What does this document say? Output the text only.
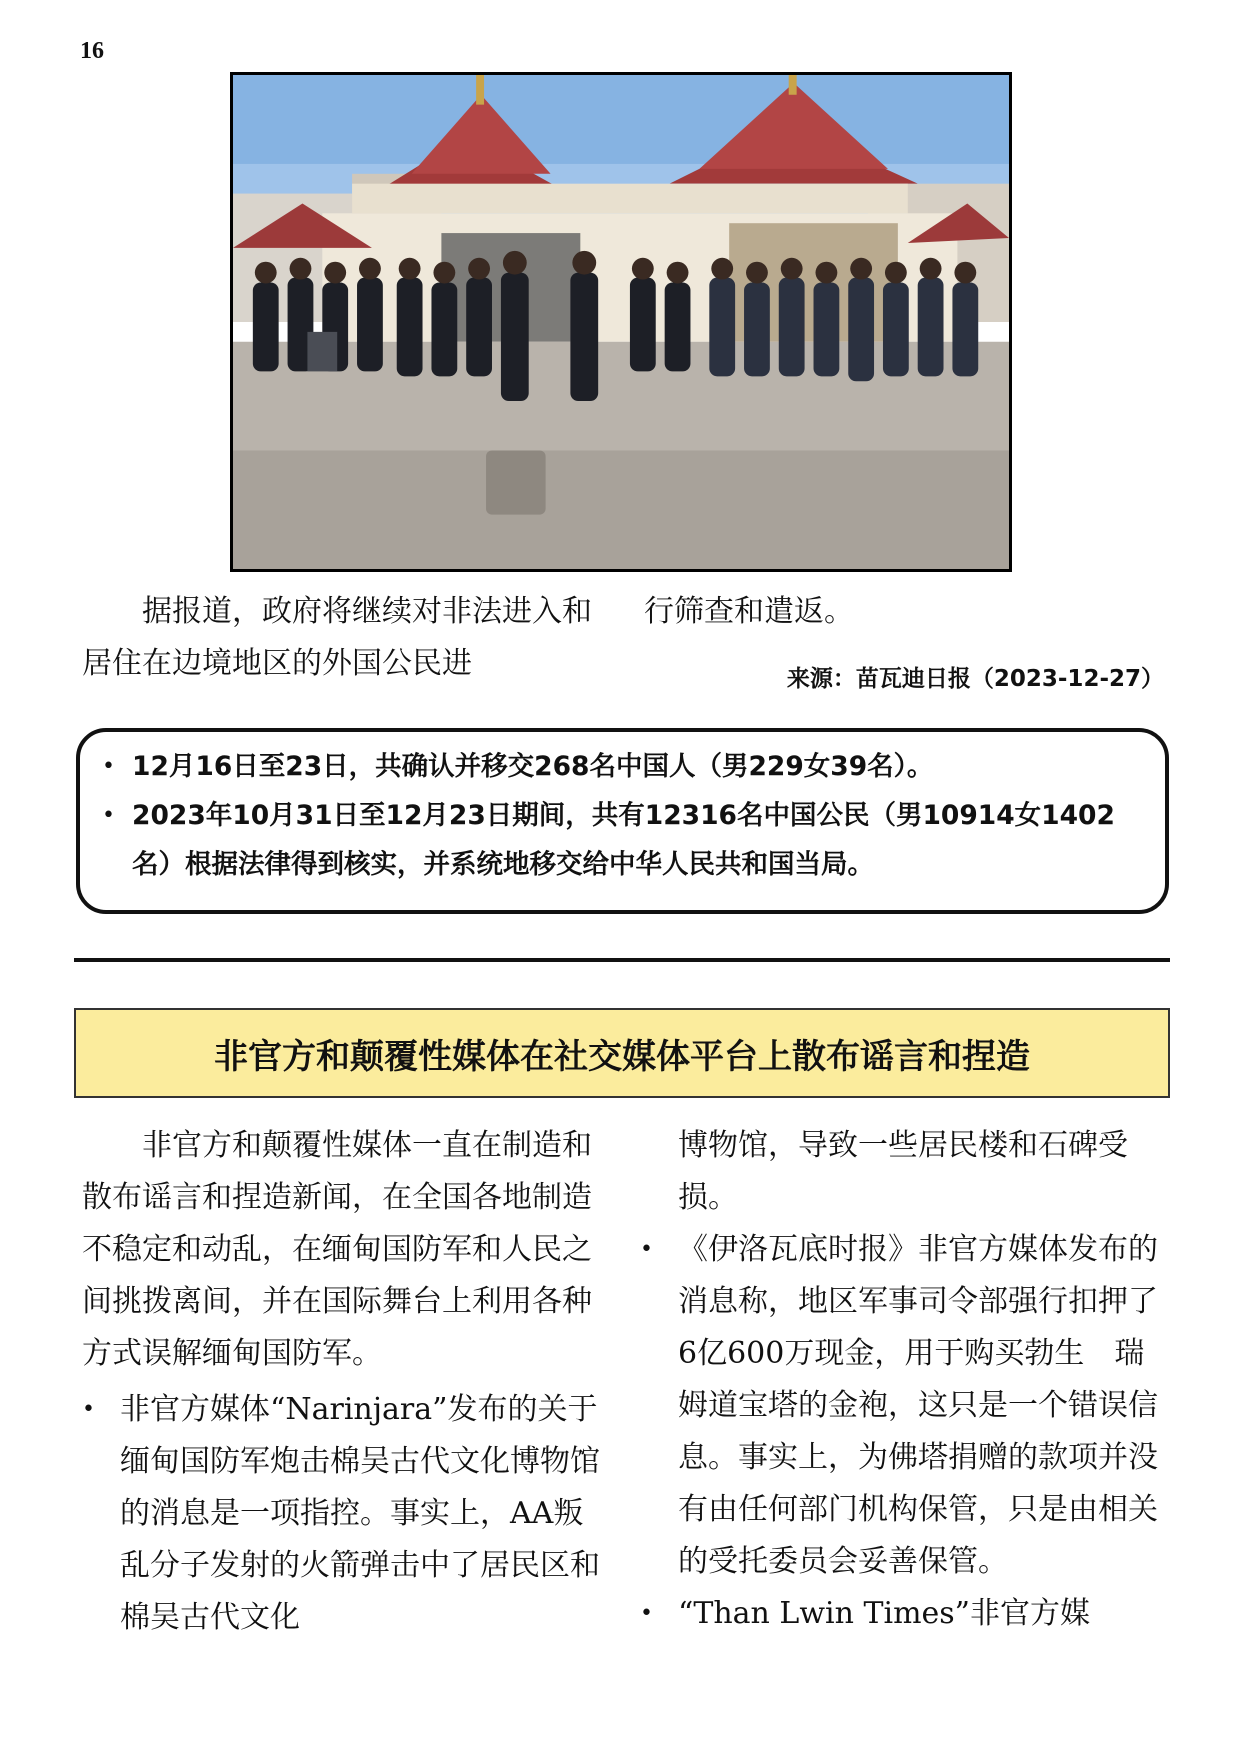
16

据报道，政府将继续对非法进入和居住在边境地区的外国公民进

行筛查和遣返。

来源：苗瓦迪日报（2023-12-27）
• 12月16日至23日，共确认并移交268名中国人（男229女39名）。
• 2023年10月31日至12月23日期间，共有12316名中国公民（男10914女1402名）根据法律得到核实，并系统地移交给中华人民共和国当局。
非官方和颠覆性媒体在社交媒体平台上散布谣言和捏造

非官方和颠覆性媒体一直在制造和散布谣言和捏造新闻，在全国各地制造不稳定和动乱，在缅甸国防军和人民之间挑拨离间，并在国际舞台上利用各种方式误解缅甸国防军。

• 非官方媒体“Narinjara”发布的关于缅甸国防军炮击棉吴古代文化博物馆的消息是一项指控。事实上，AA叛乱分子发射的火箭弹击中了居民区和棉吴古代文化
博物馆，导致一些居民楼和石碑受损。
• 《伊洛瓦底时报》非官方媒体发布的消息称，地区军事司令部强行扣押了6亿600万现金，用于购买勃生　瑞姆道宝塔的金袍，这只是一个错误信息。事实上，为佛塔捐赠的款项并没有由任何部门机构保管，只是由相关的受托委员会妥善保管。
• “Than Lwin Times”非官方媒
